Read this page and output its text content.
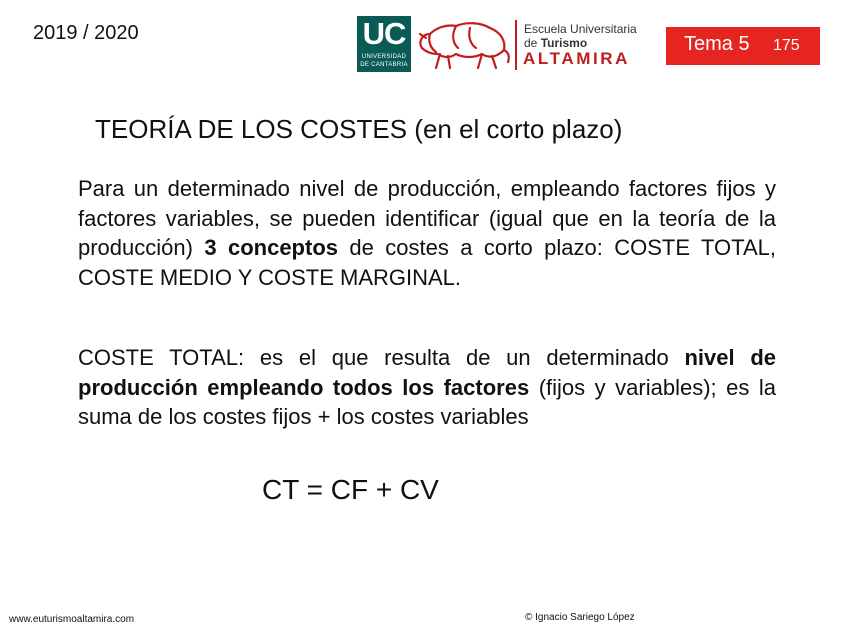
2019 / 2020	UC
UNIVERSIDAD
DE CANTABRIA
Escuela Universitaria
de Turismo
ALTAMIRA
Tema 5 175
TEORÍA DE LOS COSTES (en el corto plazo)
Para un determinado nivel de producción, empleando factores fijos y factores variables, se pueden identificar (igual que en la teoría de la producción) 3 conceptos de costes a corto plazo: COSTE TOTAL, COSTE MEDIO Y COSTE MARGINAL.
COSTE TOTAL: es el que resulta de un determinado nivel de producción empleando todos los factores (fijos y variables); es la suma de los costes fijos + los costes variables
CT = CF + CV
www.euturismoaltamira.com	© Ignacio Sariego López
